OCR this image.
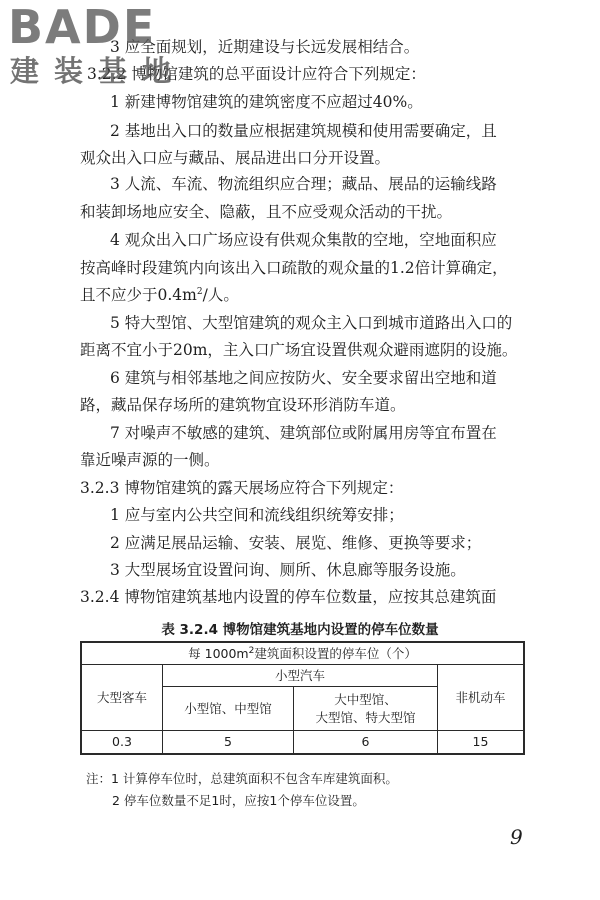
BADE
建装基地
3 应全面规划，近期建设与长远发展相结合。
3.2.2 博物馆建筑的总平面设计应符合下列规定：
1 新建博物馆建筑的建筑密度不应超过40%。
2 基地出入口的数量应根据建筑规模和使用需要确定，且
观众出入口应与藏品、展品进出口分开设置。
3 人流、车流、物流组织应合理；藏品、展品的运输线路
和装卸场地应安全、隐蔽，且不应受观众活动的干扰。
4 观众出入口广场应设有供观众集散的空地，空地面积应
按高峰时段建筑内向该出入口疏散的观众量的1.2倍计算确定，
且不应少于$0.4m^2/$人。
5 特大型馆、大型馆建筑的观众主入口到城市道路出入口的
距离不宜小于20m，主入口广场宜设置供观众避雨遮阴的设施。
6 建筑与相邻基地之间应按防火、安全要求留出空地和道
路，藏品保存场所的建筑物宜设环形消防车道。
7 对噪声不敏感的建筑、建筑部位或附属用房等宜布置在
靠近噪声源的一侧。
3.2.3 博物馆建筑的露天展场应符合下列规定：
1 应与室内公共空间和流线组织统筹安排；
2 应满足展品运输、安装、展览、维修、更换等要求；
3 大型展场宜设置问询、厕所、休息廊等服务设施。
3.2.4 博物馆建筑基地内设置的停车位数量，应按其总建筑面
表 3.2.4 博物馆建筑基地内设置的停车位数量
每 $1000m^2$建筑面积设置的停车位（个）			
大型客车	小型汽车		非机动车
	小型馆、中型馆	大中型馆、
大型馆、特大型馆	

0.3	5	6	15
注：1 计算停车位时，总建筑面积不包含车库建筑面积。
2 停车位数量不足1时，应按1个停车位设置。
9
